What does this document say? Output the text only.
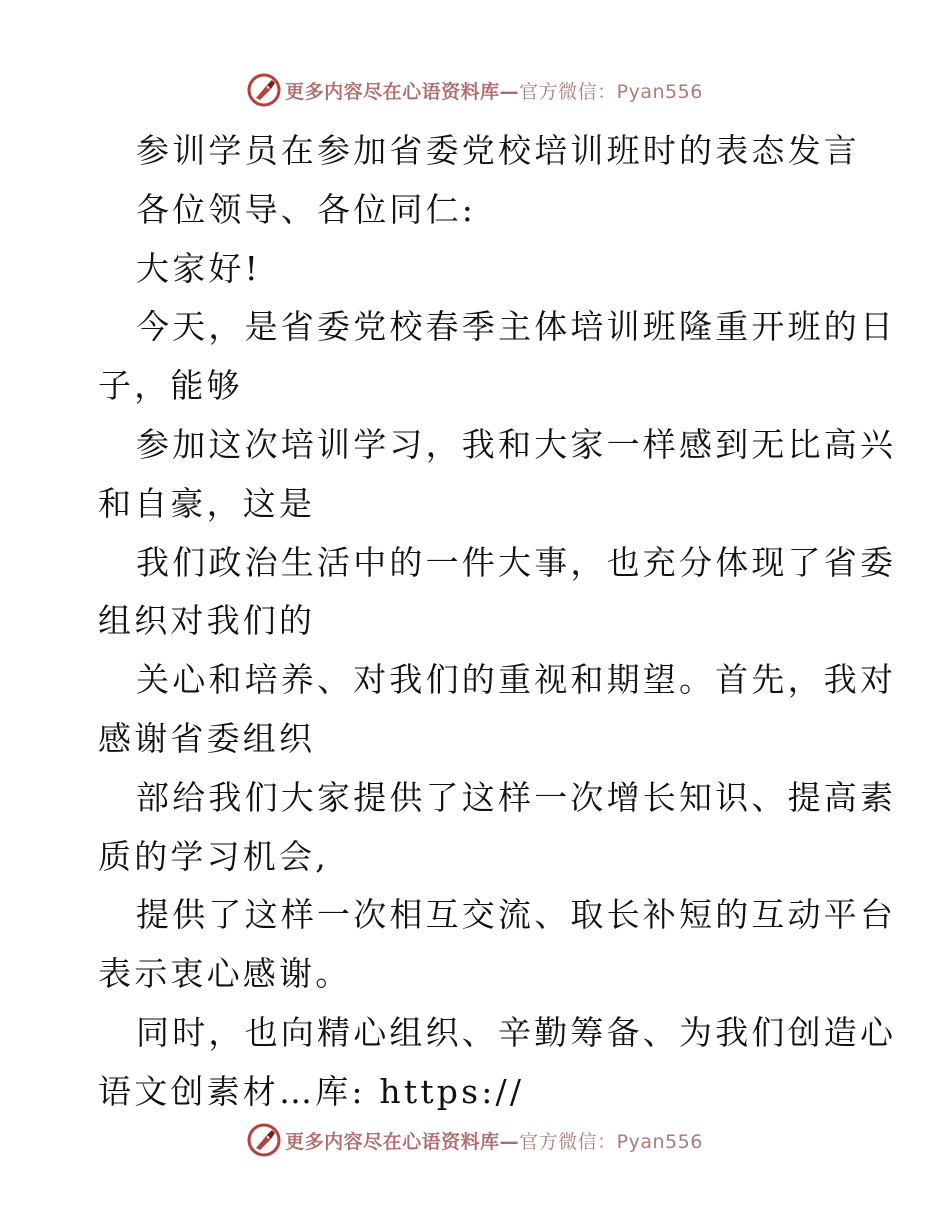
更多内容尽在心语资料库—官方微信：Pyan556

参训学员在参加省委党校培训班时的表态发言

各位领导、各位同仁:

大家好!

今天，是省委党校春季主体培训班隆重开班的日

子，能够

参加这次培训学习，我和大家一样感到无比高兴

和自豪，这是

我们政治生活中的一件大事，也充分体现了省委

组织对我们的

关心和培养、对我们的重视和期望。首先，我对

感谢省委组织

部给我们大家提供了这样一次增长知识、提高素

质的学习机会,

提供了这样一次相互交流、取长补短的互动平台

表示衷心感谢。

同时，也向精心组织、辛勤筹备、为我们创造心

语文创素材…库: https://

更多内容尽在心语资料库—官方微信：Pyan556
